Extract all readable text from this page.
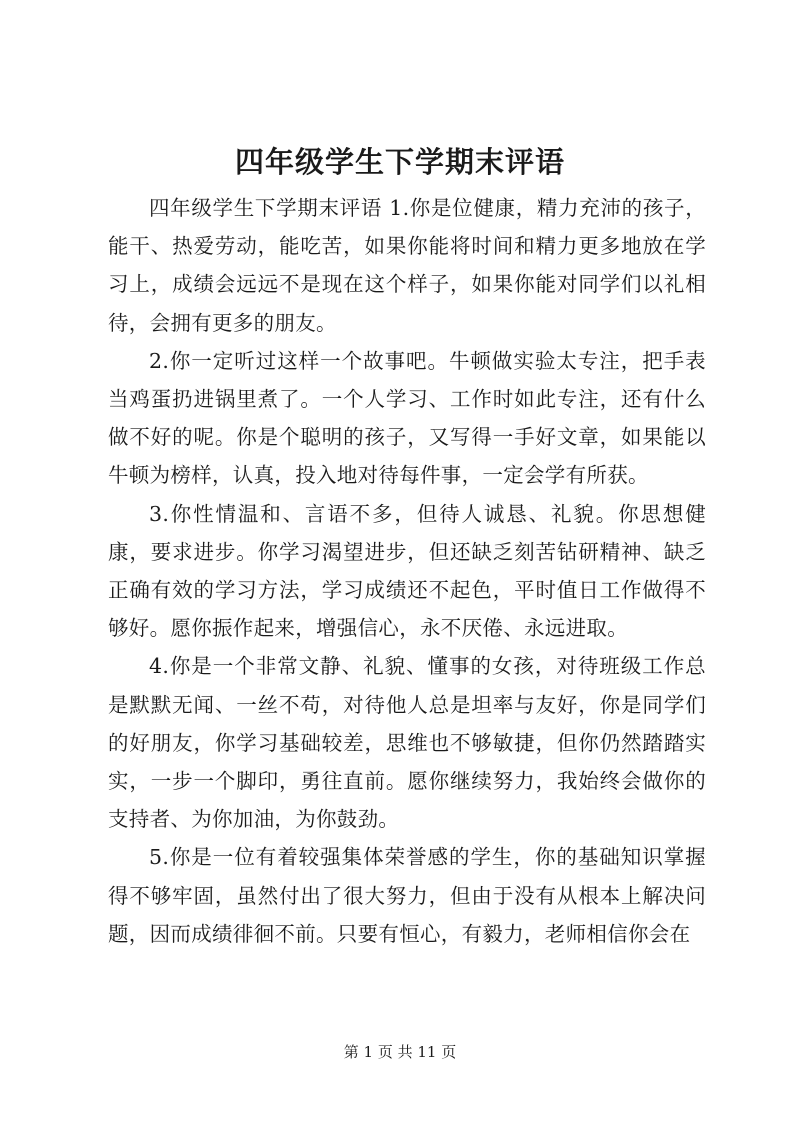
四年级学生下学期末评语

四年级学生下学期末评语 1.你是位健康，精力充沛的孩子，能干、热爱劳动，能吃苦，如果你能将时间和精力更多地放在学习上，成绩会远远不是现在这个样子，如果你能对同学们以礼相待，会拥有更多的朋友。

2.你一定听过这样一个故事吧。牛顿做实验太专注，把手表当鸡蛋扔进锅里煮了。一个人学习、工作时如此专注，还有什么做不好的呢。你是个聪明的孩子，又写得一手好文章，如果能以牛顿为榜样，认真，投入地对待每件事，一定会学有所获。

3.你性情温和、言语不多，但待人诚恳、礼貌。你思想健康，要求进步。你学习渴望进步，但还缺乏刻苦钻研精神、缺乏正确有效的学习方法，学习成绩还不起色，平时值日工作做得不够好。愿你振作起来，增强信心，永不厌倦、永远进取。

4.你是一个非常文静、礼貌、懂事的女孩，对待班级工作总是默默无闻、一丝不苟，对待他人总是坦率与友好，你是同学们的好朋友，你学习基础较差，思维也不够敏捷，但你仍然踏踏实实，一步一个脚印，勇往直前。愿你继续努力，我始终会做你的支持者、为你加油，为你鼓劲。

5.你是一位有着较强集体荣誉感的学生，你的基础知识掌握得不够牢固，虽然付出了很大努力，但由于没有从根本上解决问题，因而成绩徘徊不前。只要有恒心，有毅力，老师相信你会在

第 1 页 共 11 页
